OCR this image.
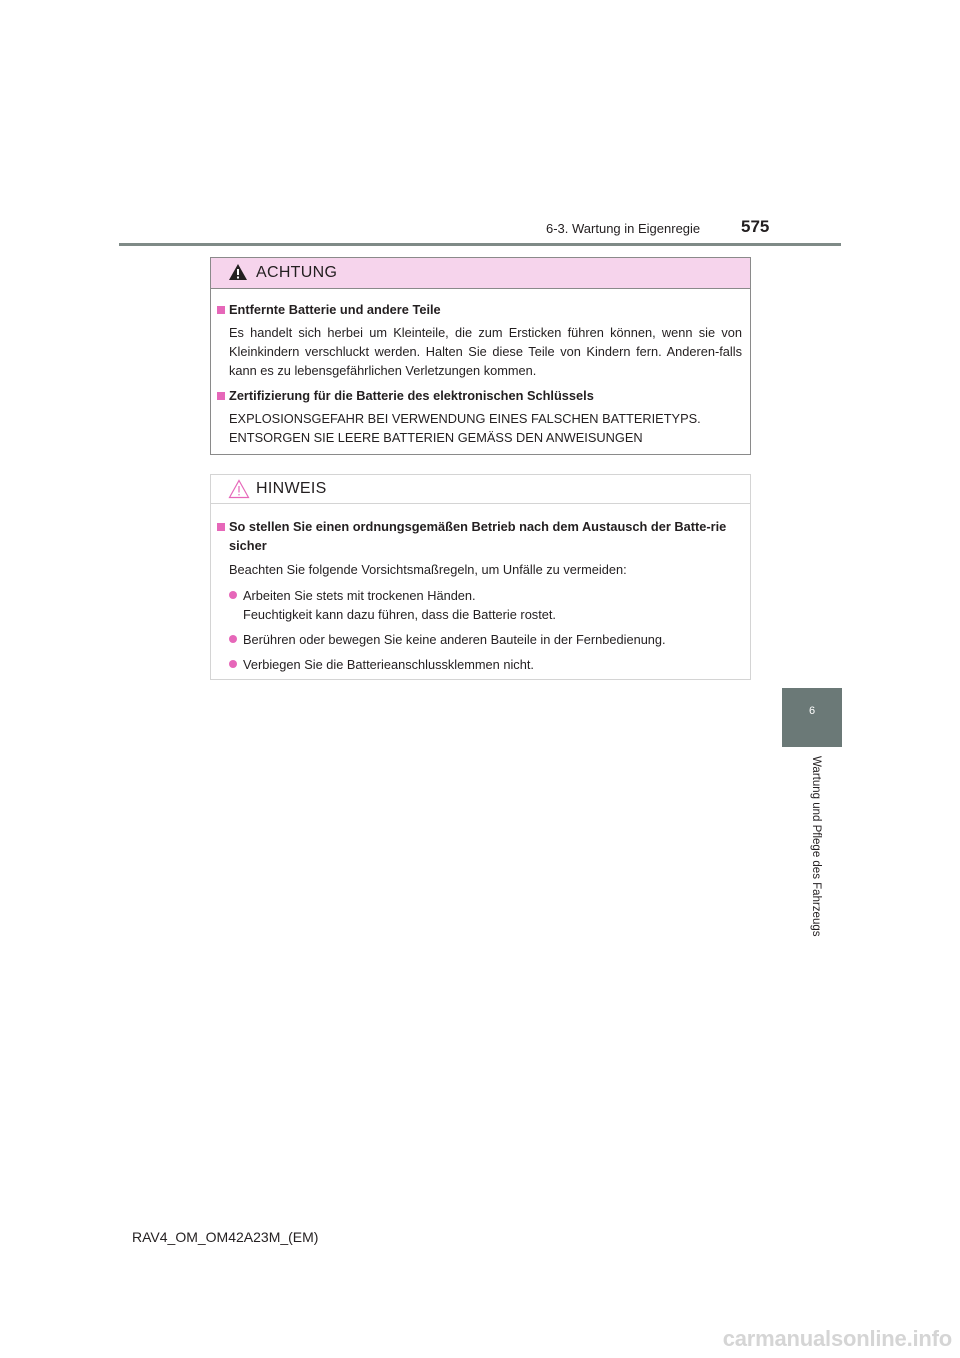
6-3. Wartung in Eigenregie 575
6
Wartung und Pflege des Fahrzeugs
ACHTUNG

Entfernte Batterie und andere Teile

Es handelt sich herbei um Kleinteile, die zum Ersticken führen können, wenn sie von Kleinkindern verschluckt werden. Halten Sie diese Teile von Kindern fern. Anderen-falls kann es zu lebensgefährlichen Verletzungen kommen.

Zertifizierung für die Batterie des elektronischen Schlüssels

EXPLOSIONSGEFAHR BEI VERWENDUNG EINES FALSCHEN BATTERIETYPS.

ENTSORGEN SIE LEERE BATTERIEN GEMÄSS DEN ANWEISUNGEN

HINWEIS

So stellen Sie einen ordnungsgemäßen Betrieb nach dem Austausch der Batte-rie sicher

Beachten Sie folgende Vorsichtsmaßregeln, um Unfälle zu vermeiden:

Arbeiten Sie stets mit trockenen Händen.
Feuchtigkeit kann dazu führen, dass die Batterie rostet.
Berühren oder bewegen Sie keine anderen Bauteile in der Fernbedienung.
Verbiegen Sie die Batterieanschlussklemmen nicht.
RAV4_OM_OM42A23M_(EM)
carmanualsonline.info
